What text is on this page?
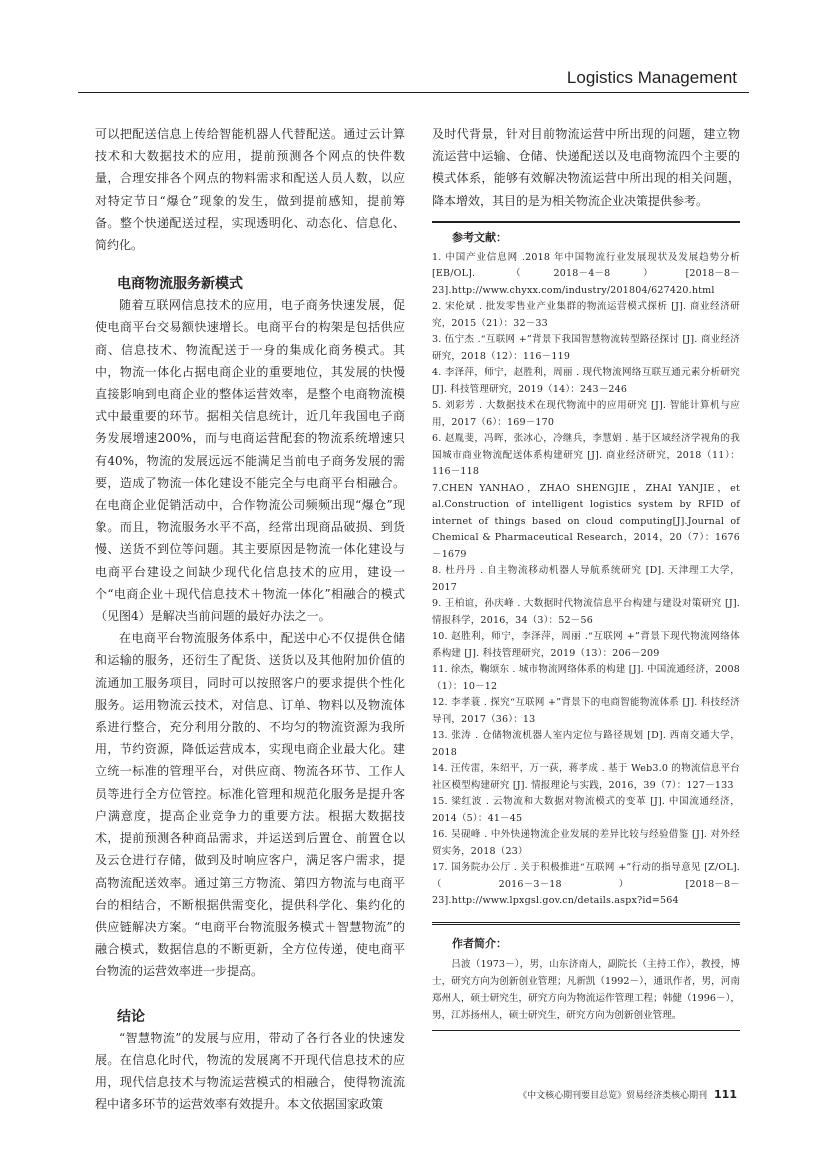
Logistics Management

可以把配送信息上传给智能机器人代替配送。通过云计算技术和大数据技术的应用，提前预测各个网点的快件数量，合理安排各个网点的物料需求和配送人员人数，以应对特定节日“爆仓”现象的发生，做到提前感知，提前筹备。整个快递配送过程，实现透明化、动态化、信息化、简约化。

电商物流服务新模式

随着互联网信息技术的应用，电子商务快速发展，促使电商平台交易额快速增长。电商平台的构架是包括供应商、信息技术、物流配送于一身的集成化商务模式。其中，物流一体化占据电商企业的重要地位，其发展的快慢直接影响到电商企业的整体运营效率，是整个电商物流模式中最重要的环节。据相关信息统计，近几年我国电子商务发展增速200%，而与电商运营配套的物流系统增速只有40%，物流的发展远远不能满足当前电子商务发展的需要，造成了物流一体化建设不能完全与电商平台相融合。在电商企业促销活动中，合作物流公司频频出现“爆仓”现象。而且，物流服务水平不高，经常出现商品破损、到货慢、送货不到位等问题。其主要原因是物流一体化建设与电商平台建设之间缺少现代化信息技术的应用，建设一个“电商企业＋现代信息技术＋物流一体化”相融合的模式（见图4）是解决当前问题的最好办法之一。

在电商平台物流服务体系中，配送中心不仅提供仓储和运输的服务，还衍生了配货、送货以及其他附加价值的流通加工服务项目，同时可以按照客户的要求提供个性化服务。运用物流云技术，对信息、订单、物料以及物流体系进行整合，充分利用分散的、不均匀的物流资源为我所用，节约资源，降低运营成本，实现电商企业最大化。建立统一标准的管理平台，对供应商、物流各环节、工作人员等进行全方位管控。标准化管理和规范化服务是提升客户满意度，提高企业竞争力的重要方法。根据大数据技术，提前预测各种商品需求，并运送到后置仓、前置仓以及云仓进行存储，做到及时响应客户，满足客户需求，提高物流配送效率。通过第三方物流、第四方物流与电商平台的相结合，不断根据供需变化，提供科学化、集约化的供应链解决方案。“电商平台物流服务模式＋智慧物流”的融合模式，数据信息的不断更新，全方位传递，使电商平台物流的运营效率进一步提高。

结论

“智慧物流”的发展与应用，带动了各行各业的快速发展。在信息化时代，物流的发展离不开现代信息技术的应用，现代信息技术与物流运营模式的相融合，使得物流流程中诸多环节的运营效率有效提升。本文依据国家政策

及时代背景，针对目前物流运营中所出现的问题，建立物流运营中运输、仓储、快递配送以及电商物流四个主要的模式体系，能够有效解决物流运营中所出现的相关问题，降本增效，其目的是为相关物流企业决策提供参考。

参考文献：

1. 中国产业信息网 .2018 年中国物流行业发展现状及发展趋势分析 [EB/OL]. （2018－4－8）[2018－8－23].http://www.chyxx.com/industry/201804/627420.html

2. 宋伦斌 . 批发零售业产业集群的物流运营模式探析 [J]. 商业经济研究，2015（21）：32－33

3. 伍宁杰 .“互联网 +”背景下我国智慧物流转型路径探讨 [J]. 商业经济研究，2018（12）：116－119

4. 李泽萍，师宁，赵胜利，周丽 . 现代物流网络互联互通元素分析研究 [J]. 科技管理研究，2019（14）：243－246

5. 刘彩芳 . 大数据技术在现代物流中的应用研究 [J]. 智能计算机与应用，2017（6）：169－170

6. 赵胤斐，冯晖，张冰心，冷继兵，李慧娟 . 基于区域经济学视角的我国城市商业物流配送体系构建研究 [J]. 商业经济研究，2018（11）：116－118

7.CHEN YANHAO，ZHAO SHENGJIE，ZHAI YANJIE，et al.Construction of intelligent logistics system by RFID of internet of things based on cloud computing[J].Journal of Chemical & Pharmaceutical Research，2014，20（7）：1676－1679

8. 杜丹丹 . 自主物流移动机器人导航系统研究 [D]. 天津理工大学，2017

9. 王柏谊，孙庆峰 . 大数据时代物流信息平台构建与建设对策研究 [J]. 情报科学，2016，34（3）：52－56

10. 赵胜利，师宁，李泽萍，周丽 .“互联网 +”背景下现代物流网络体系构建 [J]. 科技管理研究，2019（13）：206－209

11. 徐杰，鞠颂东 . 城市物流网络体系的构建 [J]. 中国流通经济，2008（1）：10－12

12. 李孝蓑 . 探究“互联网 +”背景下的电商智能物流体系 [J]. 科技经济导刊，2017（36）：13

13. 张涛 . 仓储物流机器人室内定位与路径规划 [D]. 西南交通大学，2018

14. 汪传雷，朱绍平，万一荻，蒋孝成 . 基于 Web3.0 的物流信息平台社区模型构建研究 [J]. 情报理论与实践，2016，39（7）：127－133

15. 梁红波 . 云物流和大数据对物流模式的变革 [J]. 中国流通经济，2014（5）：41－45

16. 吴砚峰 . 中外快递物流企业发展的差异比较与经验借鉴 [J]. 对外经贸实务，2018（23）

17. 国务院办公厅 . 关于积极推进“互联网 +”行动的指导意见 [Z/OL]. （2016－3－18）[2018－8－23].http://www.lpxgsl.gov.cn/details.aspx?id=564

作者简介：

吕波（1973－），男，山东济南人，副院长（主持工作），教授，博士，研究方向为创新创业管理；凡新凯（1992－），通讯作者，男，河南郑州人，硕士研究生，研究方向为物流运作管理工程；韩健（1996－），男，江苏扬州人，硕士研究生，研究方向为创新创业管理。

《中文核心期刊要目总览》贸易经济类核心期刊 111
